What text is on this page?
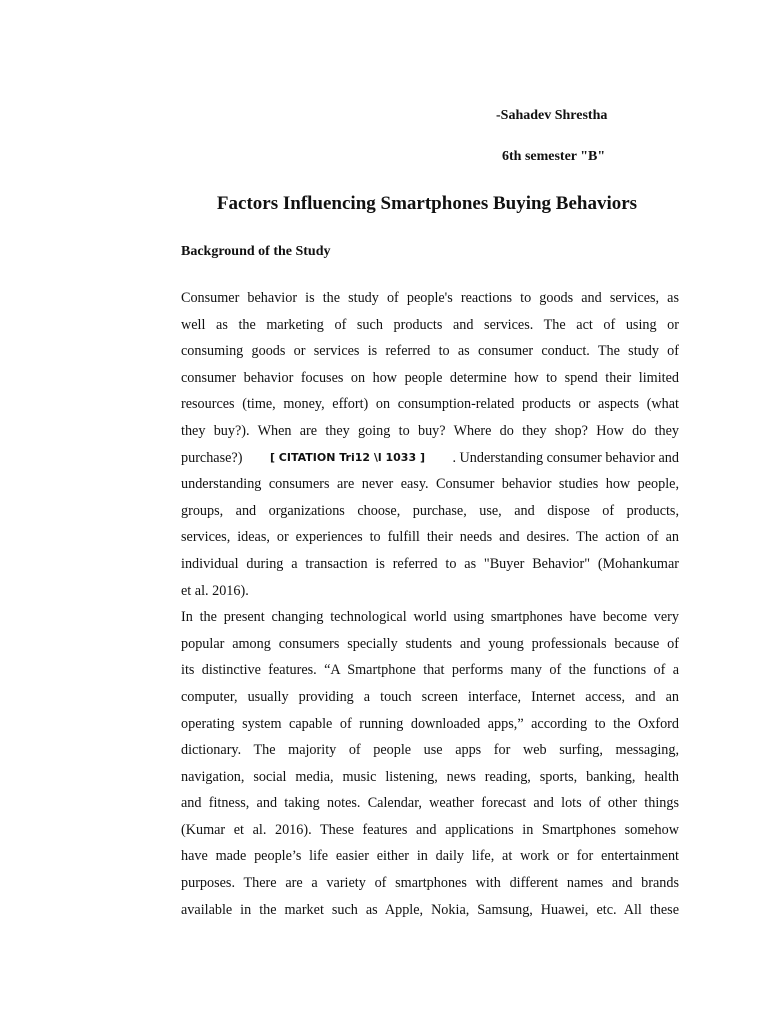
-Sahadev Shrestha
6th semester "B"
Factors Influencing Smartphones Buying Behaviors
Background of the Study
Consumer behavior is the study of people's reactions to goods and services, as
well as the marketing of such products and services. The act of using or
consuming goods or services is referred to as consumer conduct. The study of
consumer behavior focuses on how people determine how to spend their limited
resources (time, money, effort) on consumption-related products or aspects (what
they buy?). When are they going to buy? Where do they shop? How do they
purchase?) [ CITATION Tri12 \l 1033 ] . Understanding consumer behavior and
understanding consumers are never easy. Consumer behavior studies how people,
groups, and organizations choose, purchase, use, and dispose of products,
services, ideas, or experiences to fulfill their needs and desires. The action of an
individual during a transaction is referred to as "Buyer Behavior" (Mohankumar
et al. 2016).
In the present changing technological world using smartphones have become very
popular among consumers specially students and young professionals because of
its distinctive features. “A Smartphone that performs many of the functions of a
computer, usually providing a touch screen interface, Internet access, and an
operating system capable of running downloaded apps,” according to the Oxford
dictionary. The majority of people use apps for web surfing, messaging,
navigation, social media, music listening, news reading, sports, banking, health
and fitness, and taking notes. Calendar, weather forecast and lots of other things
(Kumar et al. 2016). These features and applications in Smartphones somehow
have made people’s life easier either in daily life, at work or for entertainment
purposes. There are a variety of smartphones with different names and brands
available in the market such as Apple, Nokia, Samsung, Huawei, etc. All these
